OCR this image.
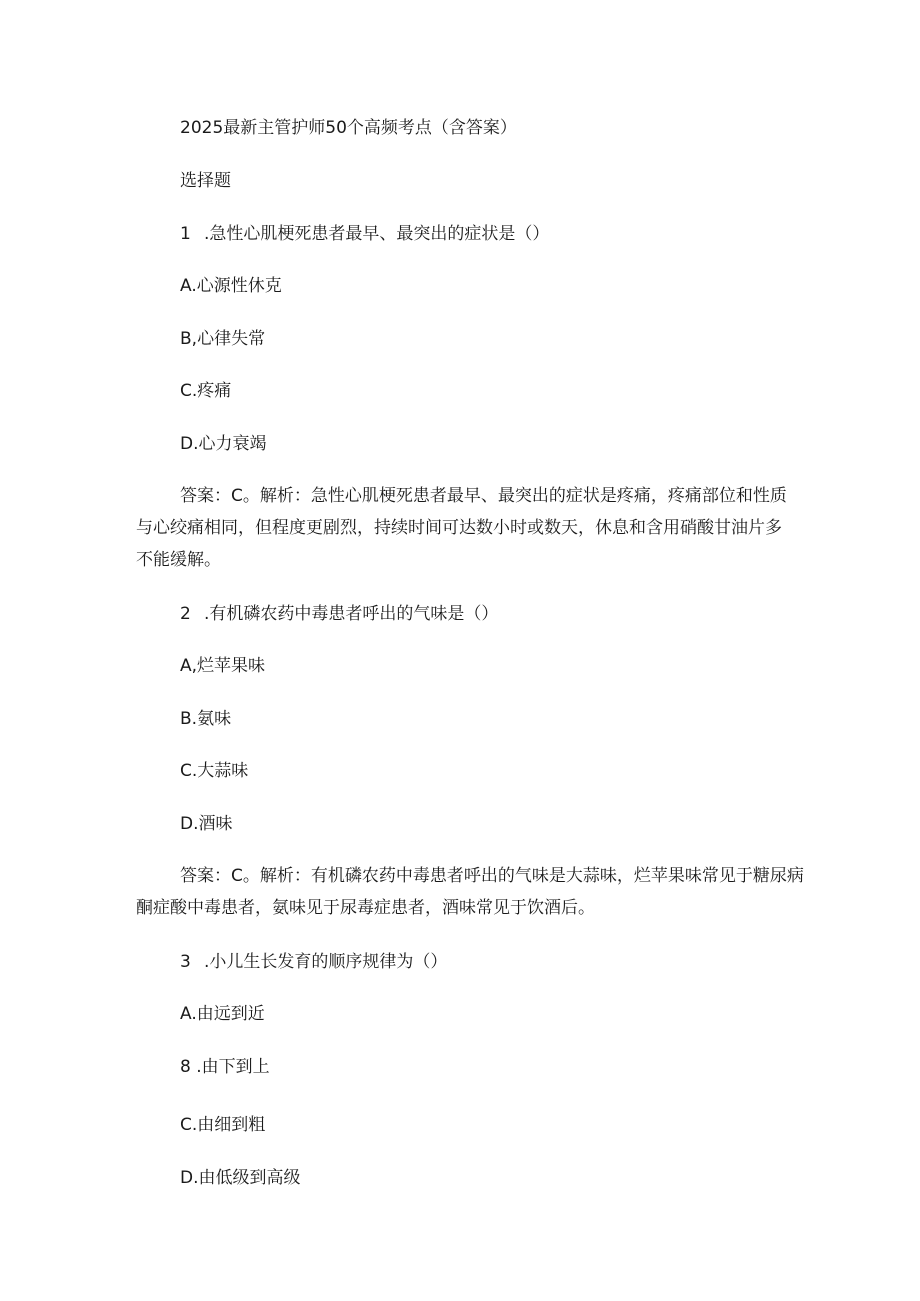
2025最新主管护师50个高频考点（含答案）
选择题
1 .急性心肌梗死患者最早、最突出的症状是（）
A.心源性休克
B,心律失常
C.疼痛
D.心力衰竭
答案：C。解析：急性心肌梗死患者最早、最突出的症状是疼痛，疼痛部位和性质
与心绞痛相同，但程度更剧烈，持续时间可达数小时或数天，休息和含用硝酸甘油片多
不能缓解。
2 .有机磷农药中毒患者呼出的气味是（）
A,烂苹果味
B.氨味
C.大蒜味
D.酒味
答案：C。解析：有机磷农药中毒患者呼出的气味是大蒜味，烂苹果味常见于糖尿病
酮症酸中毒患者，氨味见于尿毒症患者，酒味常见于饮酒后。
3 .小儿生长发育的顺序规律为（）
A.由远到近
8 .由下到上
C.由细到粗
D.由低级到高级
